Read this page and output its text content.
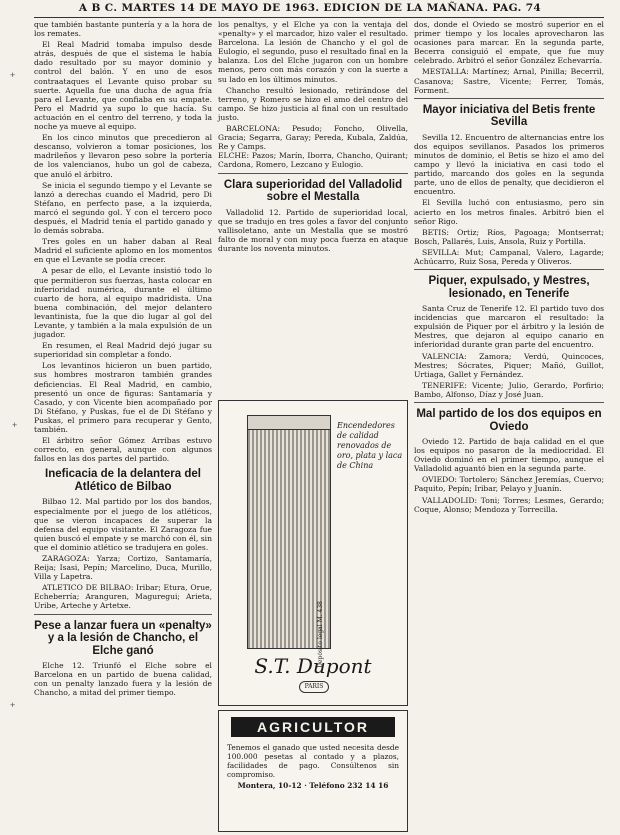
A B C. MARTES 14 DE MAYO DE 1963. EDICION DE LA MAÑANA. PAG. 74
+
+
+

que también bastante puntería y a la hora de los remates.

El Real Madrid tomaba impulso desde atrás, después de que el sistema le había dado resultado por su mayor dominio y control del balón. Y en uno de esos contraataques el Levante quiso probar su suerte. Aquella fue una ducha de agua fría para el Levante, que confiaba en su empate. Pero el Madrid ya supo lo que hacía. Su actuación en el centro del terreno, y toda la noche ya mueve al equipo.

En los cinco minutos que precedieron al descanso, volvieron a tomar posiciones, los madrileños y llevaron peso sobre la portería de los valencianos, hubo un gol de cabeza, que anuló el árbitro.

Se inicia el segundo tiempo y el Levante se lanzó a derechas cuando el Madrid, pero Di Stéfano, en perfecto pase, a la izquierda, marcó el segundo gol. Y con el tercero poco después, el Madrid tenía el partido ganado y lo demás sobraba.

Tres goles en un haber daban al Real Madrid el suficiente aplomo en los momentos en que el Levante se podía crecer.

A pesar de ello, el Levante insistió todo lo que permitieron sus fuerzas, hasta colocar en inferioridad numérica, durante el último cuarto de hora, al equipo madridista. Una buena combinación, del mejor delantero levantinista, fue la que dio lugar al gol del Levante, y también a la mala expulsión de un jugador.

En resumen, el Real Madrid dejó jugar su superioridad sin completar a fondo.

Los levantinos hicieron un buen partido, sus hombres mostraron también grandes deficiencias. El Real Madrid, en cambio, presentó un once de figuras: Santamaría y Casado, y con Vicente bien acompañado por Di Stéfano, y Puskas, fue el de Di Stéfano y Puskas, el primero para recuperar y Gento, también.

El árbitro señor Gómez Arribas estuvo correcto, en general, aunque con algunos fallos en las dos partes del partido.

Ineficacia de la delantera del Atlético de Bilbao

Bilbao 12. Mal partido por los dos bandos, especialmente por el juego de los atléticos, que se vieron incapaces de superar la defensa del equipo visitante. El Zaragoza fue quien buscó el empate y se marchó con él, sin que el dominio atlético se tradujera en goles.

ZARAGOZA: Yarza; Cortizo, Santamaría, Reija; Isasi, Pepín; Marcelino, Duca, Murillo, Villa y Lapetra.

ATLETICO DE BILBAO: Iribar; Etura, Orue, Echeberría; Aranguren, Maguregui; Arieta, Uribe, Arteche y Artetxe.

Pese a lanzar fuera un «penalty» y a la lesión de Chancho, el Elche ganó

Elche 12. Triunfó el Elche sobre el Barcelona en un partido de buena calidad, con un penalty lanzado fuera y la lesión de Chancho, a mitad del primer tiempo.

los penaltys, y el Elche ya con la ventaja del «penalty» y el marcador, hizo valer el resultado. Barcelona. La lesión de Chancho y el gol de Eulogio, el segundo, puso el resultado final en la balanza. Los del Elche jugaron con un hombre menos, pero con más corazón y con la suerte a su lado en los últimos minutos.

Chancho resultó lesionado, retirándose del terreno, y Romero se hizo el amo del centro del campo. Se hizo justicia al final con un resultado justo.

BARCELONA: Pesudo; Foncho, Olivella, Gracia; Segarra, Garay; Pereda, Kubala, Zaldúa, Re y Camps.
ELCHE: Pazos; Marín, Iborra, Chancho, Quirant; Cardona, Romero, Lezcano y Eulogio.

Clara superioridad del Valladolid sobre el Mestalla

Valladolid 12. Partido de superioridad local, que se tradujo en tres goles a favor del conjunto vallisoletano, ante un Mestalla que se mostró falto de moral y con muy poca fuerza en ataque durante los noventa minutos.

Encendedores de calidad renovados de oro, plata y laca de China
Depósito legal M. 438
S.T. Dupont
PARIS
AGRICULTOR
Tenemos el ganado que usted necesita desde 100.000 pesetas al contado y a plazos, facilidades de pago. Consúltenos sin compromiso.
Montera, 10-12 · Teléfono 232 14 16

dos, donde el Oviedo se mostró superior en el primer tiempo y los locales aprovecharon las ocasiones para marcar. En la segunda parte, Becerra consiguió el empate, que fue muy celebrado. Arbitró el señor González Echevarría.

MESTALLA: Martínez; Arnal, Pinilla; Becerril, Casanova; Sastre, Vicente; Ferrer, Tomás, Forment.

Mayor iniciativa del Betis frente Sevilla

Sevilla 12. Encuentro de alternancias entre los dos equipos sevillanos. Pasados los primeros minutos de dominio, el Betis se hizo el amo del campo y llevó la iniciativa en casi todo el partido, marcando dos goles en la segunda parte, uno de ellos de penalty, que decidieron el encuentro.

El Sevilla luchó con entusiasmo, pero sin acierto en los metros finales. Arbitró bien el señor Rigo.

BETIS: Ortiz; Ríos, Pagoaga; Montserrat; Bosch, Pallarés, Luis, Ansola, Ruiz y Portilla.

SEVILLA: Mut; Campanal, Valero, Lagarde; Achúcarro, Ruiz Sosa, Pereda y Oliveros.

Piquer, expulsado, y Mestres, lesionado, en Tenerife

Santa Cruz de Tenerife 12. El partido tuvo dos incidencias que marcaron el resultado: la expulsión de Piquer por el árbitro y la lesión de Mestres, que dejaron al equipo canario en inferioridad durante gran parte del encuentro.

VALENCIA: Zamora; Verdú, Quincoces, Mestres; Sócrates, Piquer; Mañó, Guillot, Urtiaga, Gallet y Fernández.

TENERIFE: Vicente; Julio, Gerardo, Porfirio; Bambo, Alfonso, Díaz y José Juan.

Mal partido de los dos equipos en Oviedo

Oviedo 12. Partido de baja calidad en el que los equipos no pasaron de la mediocridad. El Oviedo dominó en el primer tiempo, aunque el Valladolid aguantó bien en la segunda parte.

OVIEDO: Tortolero; Sánchez Jeremías, Cuervo; Paquito, Pepín; Iribar, Pelayo y Juanín.

VALLADOLID: Toni; Torres; Lesmes, Gerardo; Coque, Alonso; Mendoza y Torrecilla.
